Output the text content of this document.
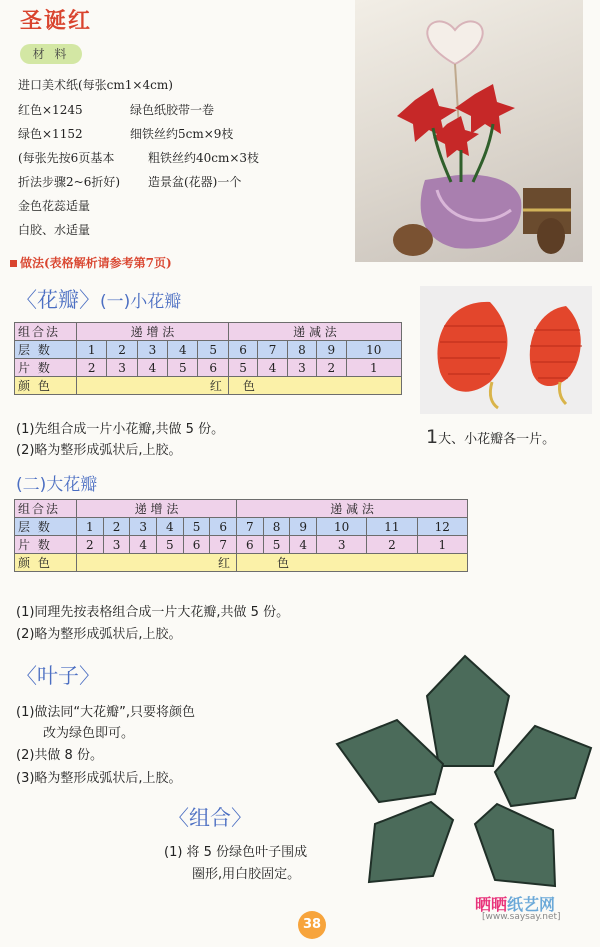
圣诞红
材 料
进口美术纸(每张cm1×4cm)
红色×1245	绿色纸胶带一卷
绿色×1152	细铁丝约5cm×9枝
(每张先按6页基本	粗铁丝约40cm×3枝
折法步骤2~6折好) 造景盆(花器)一个
金色花蕊适量
白胶、水适量
做法(表格解析请参考第7页)
〈花瓣〉(一)小花瓣
组合法	递 增 法					递 减 法				
层 数	1	2	3	4	5	6	7	8	9	10
片 数	2	3	4	5	6	5	4	3	2	1
颜 色	红					色				
(1)先组合成一片小花瓣,共做 5 份。
(2)略为整形成弧状后,上胶。
1大、小花瓣各一片。
(二)大花瓣
组合法	递 增 法						递 减 法					
层 数	1	2	3	4	5	6	7	8	9	10	11	12
片 数	2	3	4	5	6	7	6	5	4	3	2	1
颜 色	红						色					
(1)同理先按表格组合成一片大花瓣,共做 5 份。
(2)略为整形成弧状后,上胶。
〈叶子〉
(1)做法同“大花瓣”,只要将颜色
改为绿色即可。
(2)共做 8 份。
(3)略为整形成弧状后,上胶。
〈组合〉
(1) 将 5 份绿色叶子围成
圈形,用白胶固定。
38
晒晒纸艺网
[www.saysay.net]
